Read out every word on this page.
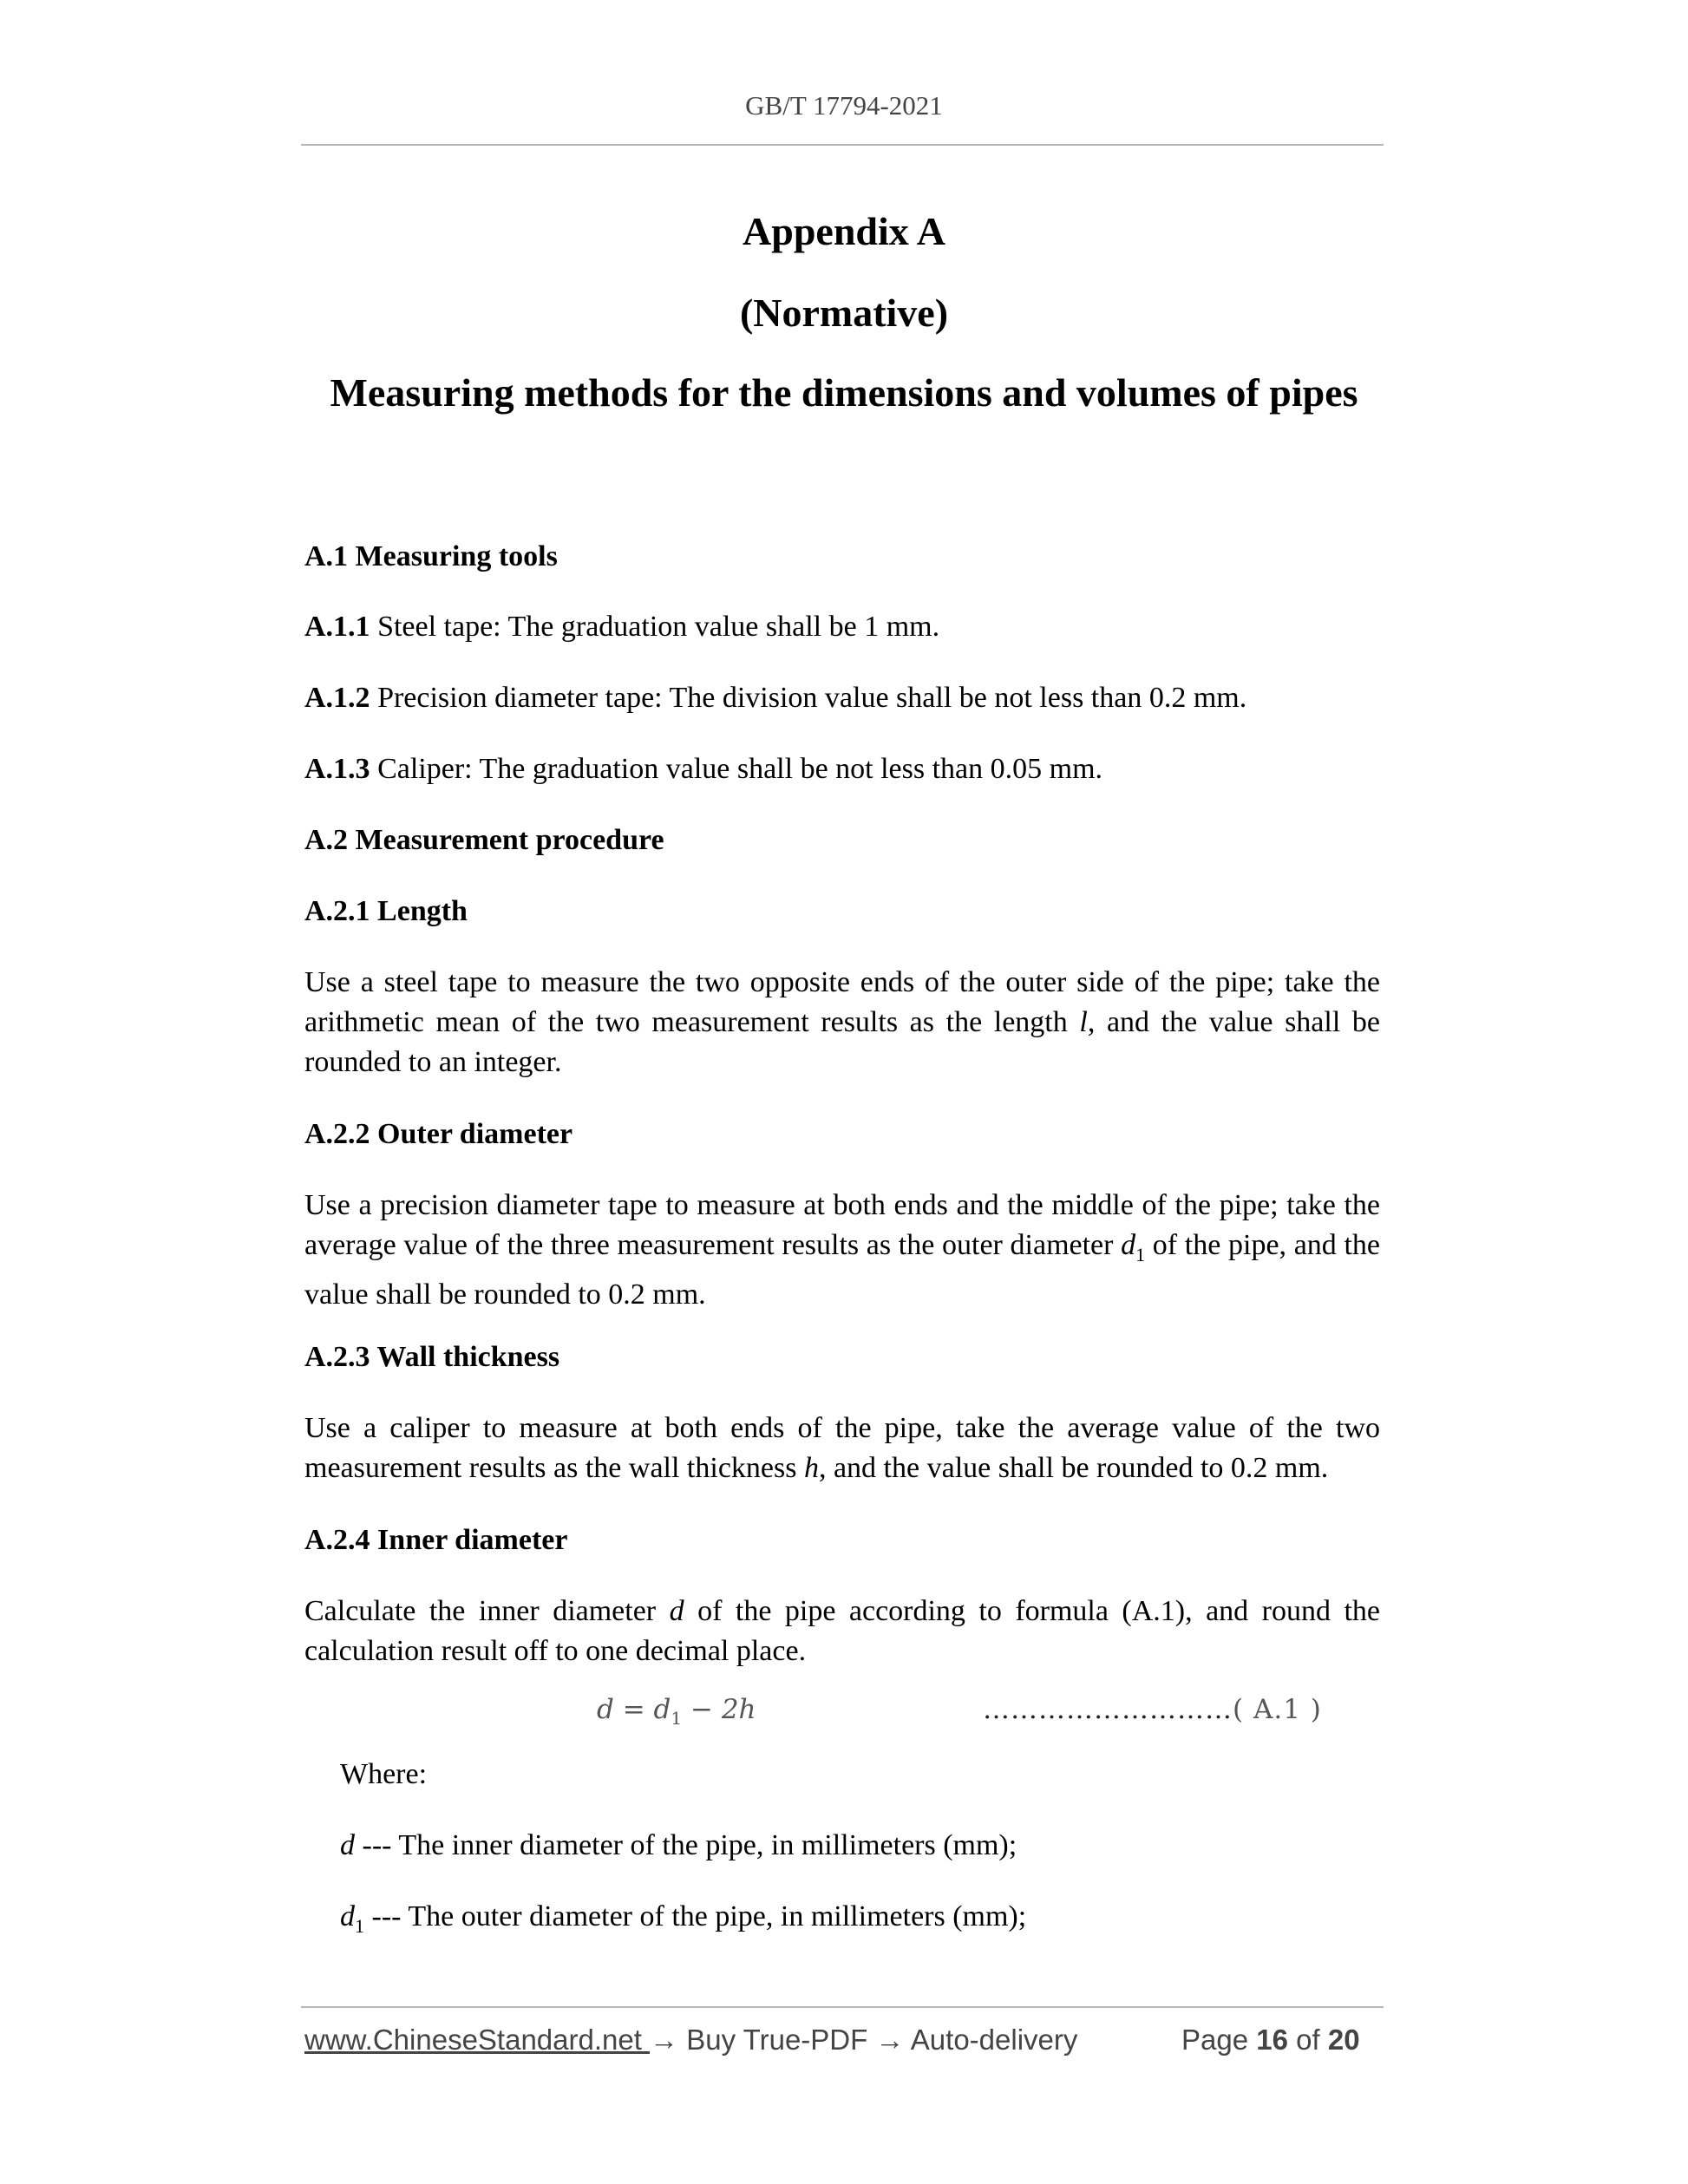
GB/T 17794-2021
Appendix A
(Normative)
Measuring methods for the dimensions and volumes of pipes
A.1 Measuring tools
A.1.1 Steel tape: The graduation value shall be 1 mm.
A.1.2 Precision diameter tape: The division value shall be not less than 0.2 mm.
A.1.3 Caliper: The graduation value shall be not less than 0.05 mm.
A.2 Measurement procedure
A.2.1 Length
Use a steel tape to measure the two opposite ends of the outer side of the pipe; take the arithmetic mean of the two measurement results as the length l, and the value shall be rounded to an integer.
A.2.2 Outer diameter
Use a precision diameter tape to measure at both ends and the middle of the pipe; take the average value of the three measurement results as the outer diameter $d_1$ of the pipe, and the value shall be rounded to 0.2 mm.
A.2.3 Wall thickness
Use a caliper to measure at both ends of the pipe, take the average value of the two measurement results as the wall thickness h, and the value shall be rounded to 0.2 mm.
A.2.4 Inner diameter
Calculate the inner diameter d of the pipe according to formula (A.1), and round the calculation result off to one decimal place.
$d = d_1 - 2h$	………………………( A.1 )
Where:
d --- The inner diameter of the pipe, in millimeters (mm);
$d_1$ --- The outer diameter of the pipe, in millimeters (mm);
www.ChineseStandard.net → Buy True-PDF → Auto-delivery	Page 16 of 20
